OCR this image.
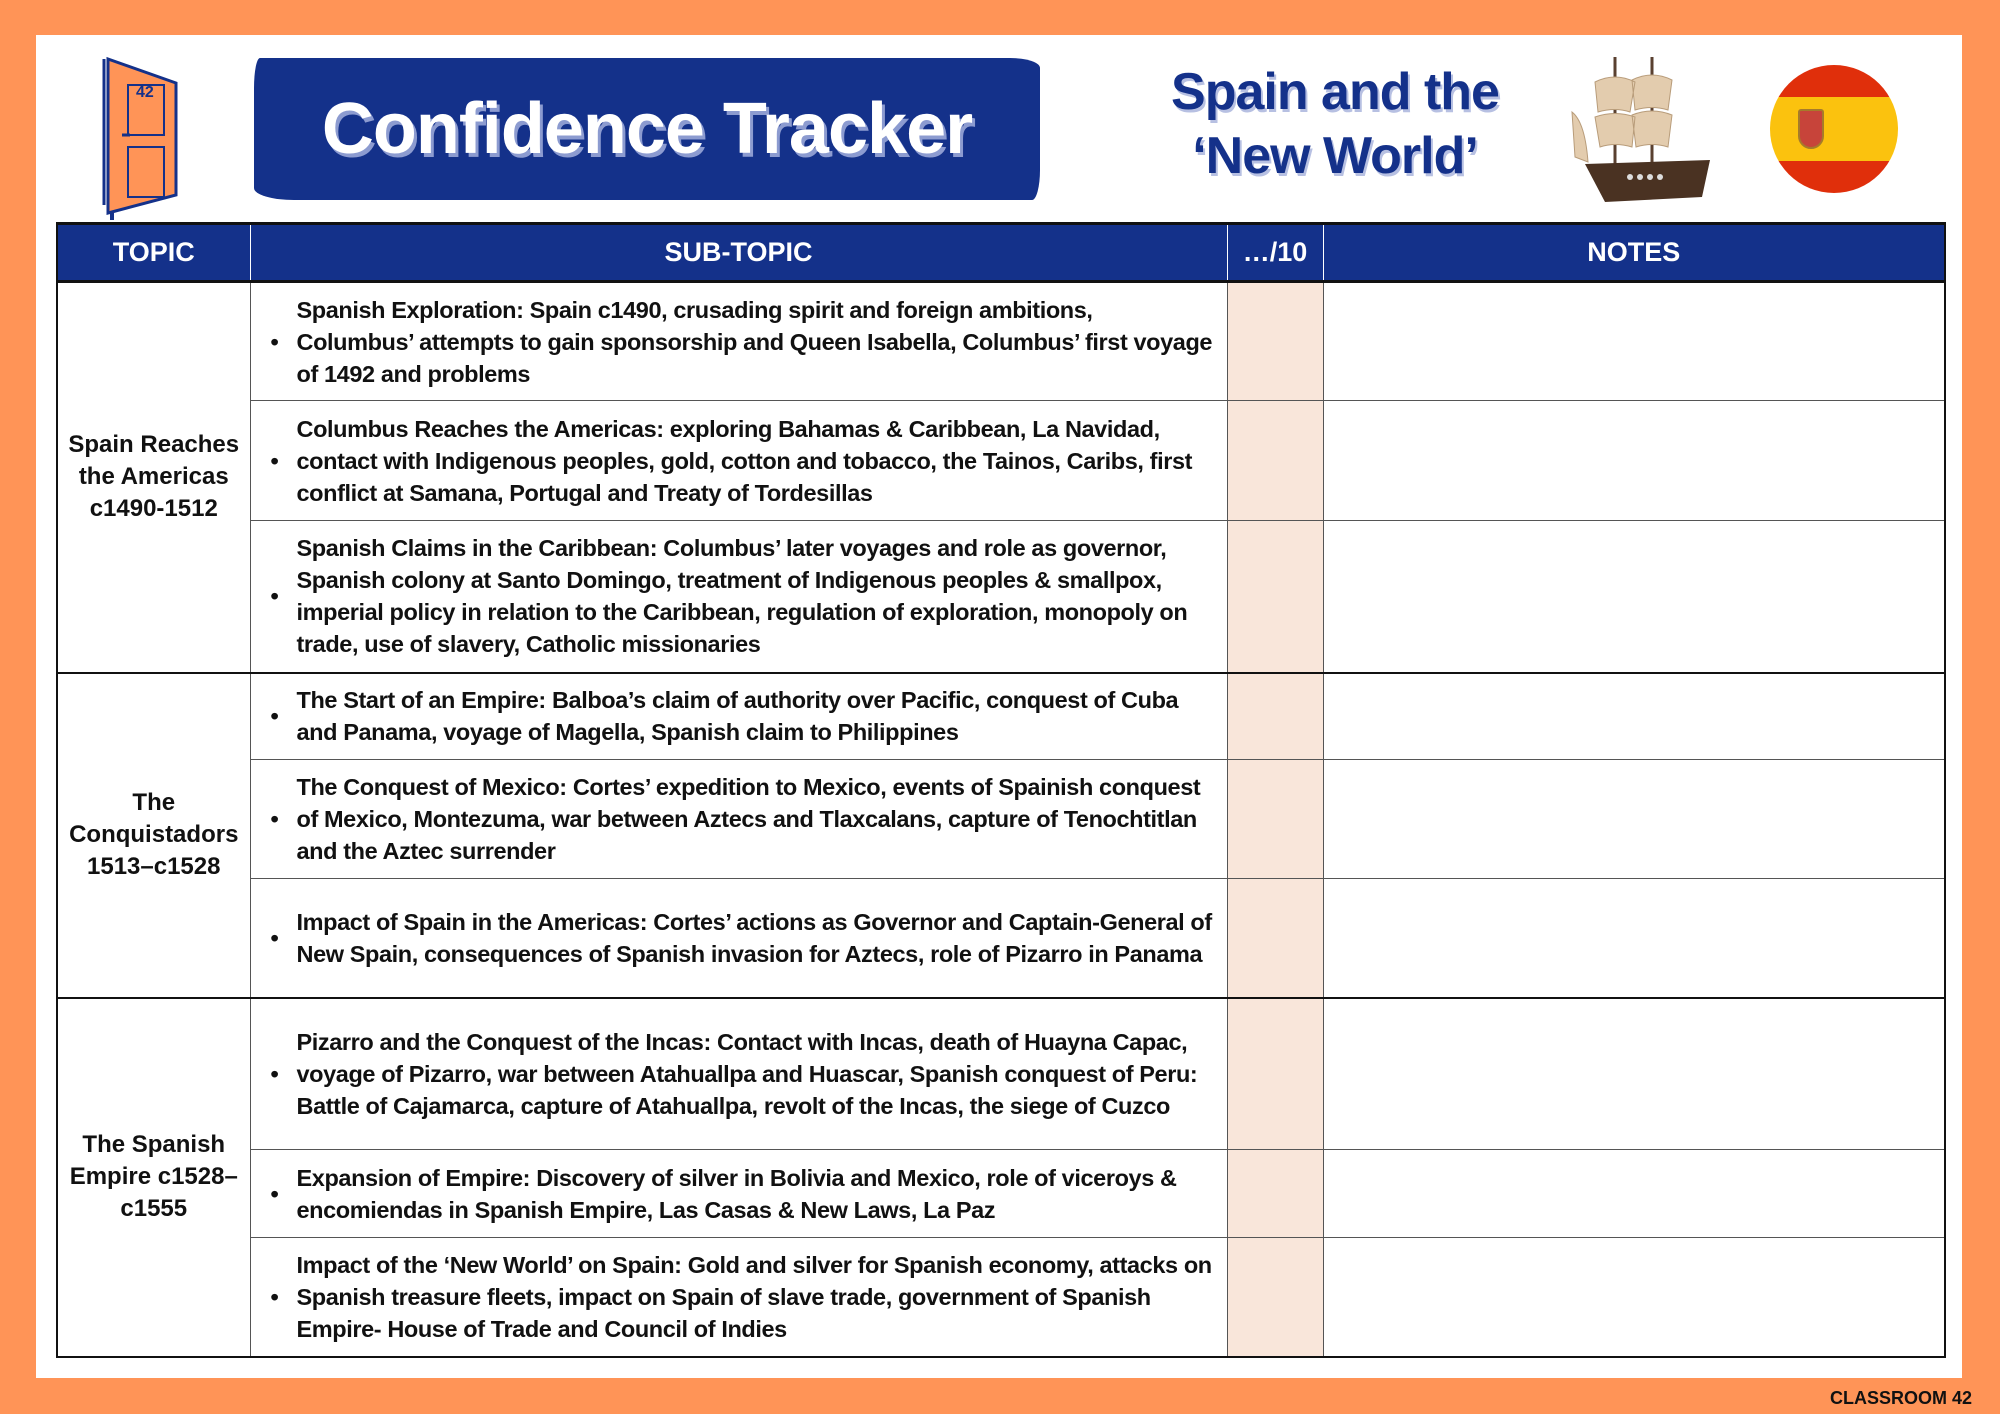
42 Confidence Tracker	Spain and the
‘New World’
TOPIC	SUB-TOPIC	…/10	NOTES
Spain Reaches the Americas c1490-1512	• Spanish Exploration: Spain c1490, crusading spirit and foreign ambitions, Columbus’ attempts to gain sponsorship and Queen Isabella, Columbus’ first voyage of 1492 and problems		
	• Columbus Reaches the Americas: exploring Bahamas & Caribbean, La Navidad, contact with Indigenous peoples, gold, cotton and tobacco, the Tainos, Caribs, first conflict at Samana, Portugal and Treaty of Tordesillas		
	• Spanish Claims in the Caribbean: Columbus’ later voyages and role as governor, Spanish colony at Santo Domingo, treatment of Indigenous peoples & smallpox, imperial policy in relation to the Caribbean, regulation of exploration, monopoly on trade, use of slavery, Catholic missionaries		
The Conquistadors 1513–c1528	• The Start of an Empire: Balboa’s claim of authority over Pacific, conquest of Cuba and Panama, voyage of Magella, Spanish claim to Philippines		
	• The Conquest of Mexico: Cortes’ expedition to Mexico, events of Spainish conquest of Mexico, Montezuma, war between Aztecs and Tlaxcalans, capture of Tenochtitlan and the Aztec surrender		
	• Impact of Spain in the Americas: Cortes’ actions as Governor and Captain-General of New Spain, consequences of Spanish invasion for Aztecs, role of Pizarro in Panama		
The Spanish Empire c1528–c1555	• Pizarro and the Conquest of the Incas: Contact with Incas, death of Huayna Capac, voyage of Pizarro, war between Atahuallpa and Huascar, Spanish conquest of Peru: Battle of Cajamarca, capture of Atahuallpa, revolt of the Incas, the siege of Cuzco		
	• Expansion of Empire: Discovery of silver in Bolivia and Mexico, role of viceroys & encomiendas in Spanish Empire, Las Casas & New Laws, La Paz		
	• Impact of the ‘New World’ on Spain: Gold and silver for Spanish economy, attacks on Spanish treasure fleets, impact on Spain of slave trade, government of Spanish Empire- House of Trade and Council of Indies		
CLASSROOM 42
